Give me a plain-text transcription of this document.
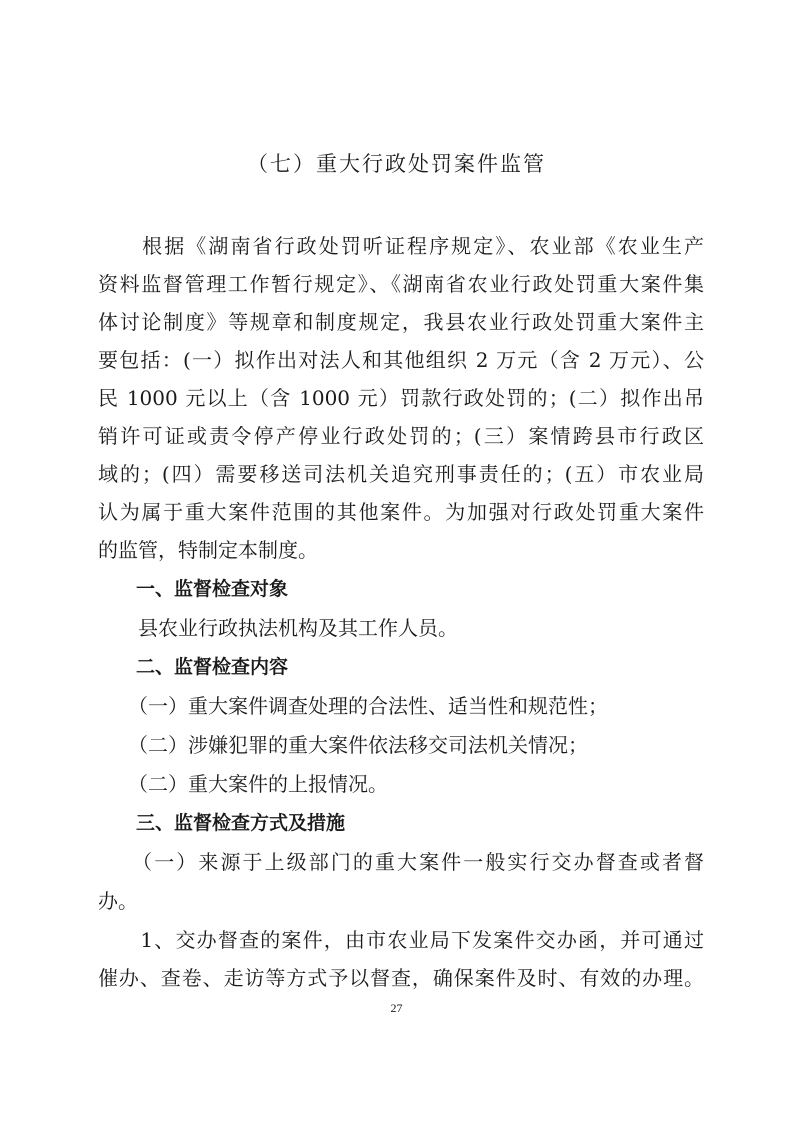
（七）重大行政处罚案件监管

　　根据《湖南省行政处罚听证程序规定》、农业部《农业生产

资料监督管理工作暂行规定》、《湖南省农业行政处罚重大案件集

体讨论制度》等规章和制度规定，我县农业行政处罚重大案件主

要包括：(一）拟作出对法人和其他组织 2 万元（含 2 万元）、公

民 1000 元以上（含 1000 元）罚款行政处罚的；(二）拟作出吊

销许可证或责令停产停业行政处罚的；(三）案情跨县市行政区

域的；(四）需要移送司法机关追究刑事责任的；(五）市农业局

认为属于重大案件范围的其他案件。为加强对行政处罚重大案件

的监管，特制定本制度。

　　一、监督检查对象

　　县农业行政执法机构及其工作人员。

　　二、监督检查内容

　　（一）重大案件调查处理的合法性、适当性和规范性；

　　（二）涉嫌犯罪的重大案件依法移交司法机关情况；

　　（二）重大案件的上报情况。

　　三、监督检查方式及措施

　　（一）来源于上级部门的重大案件一般实行交办督查或者督

办。

　　1、交办督查的案件，由市农业局下发案件交办函，并可通过

催办、查卷、走访等方式予以督查，确保案件及时、有效的办理。

27
